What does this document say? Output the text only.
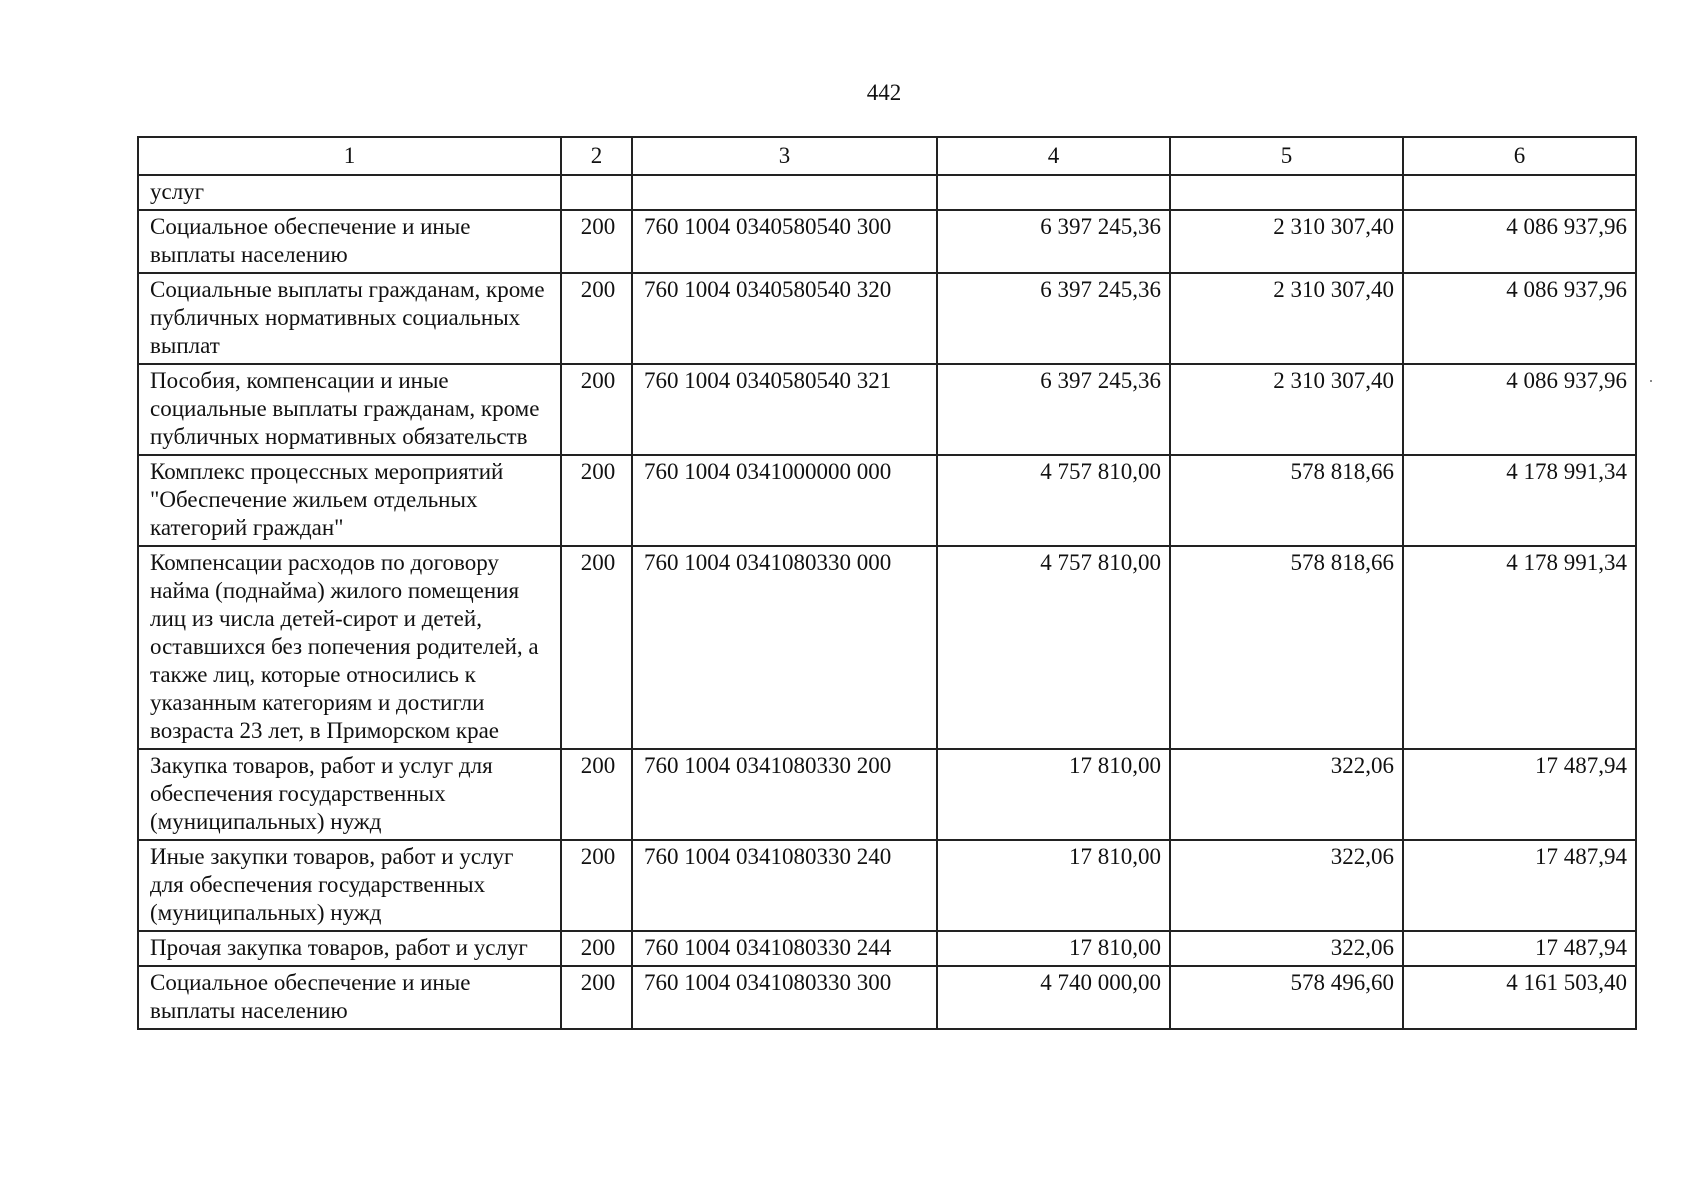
442
1	2	3	4	5	6
услуг					
Социальное обеспечение и иные выплаты населению	200	760 1004 0340580540 300	6 397 245,36	2 310 307,40	4 086 937,96
Социальные выплаты гражданам, кроме публичных нормативных социальных выплат	200	760 1004 0340580540 320	6 397 245,36	2 310 307,40	4 086 937,96
Пособия, компенсации и иные социальные выплаты гражданам, кроме публичных нормативных обязательств	200	760 1004 0340580540 321	6 397 245,36	2 310 307,40	4 086 937,96
Комплекс процессных мероприятий "Обеспечение жильем отдельных категорий граждан"	200	760 1004 0341000000 000	4 757 810,00	578 818,66	4 178 991,34
Компенсации расходов по договору найма (поднайма) жилого помещения лиц из числа детей-сирот и детей, оставшихся без попечения родителей, а также лиц, которые относились к указанным категориям и достигли возраста 23 лет, в Приморском крае	200	760 1004 0341080330 000	4 757 810,00	578 818,66	4 178 991,34
Закупка товаров, работ и услуг для обеспечения государственных (муниципальных) нужд	200	760 1004 0341080330 200	17 810,00	322,06	17 487,94
Иные закупки товаров, работ и услуг для обеспечения государственных (муниципальных) нужд	200	760 1004 0341080330 240	17 810,00	322,06	17 487,94
Прочая закупка товаров, работ и услуг	200	760 1004 0341080330 244	17 810,00	322,06	17 487,94
Социальное обеспечение и иные выплаты населению	200	760 1004 0341080330 300	4 740 000,00	578 496,60	4 161 503,40
